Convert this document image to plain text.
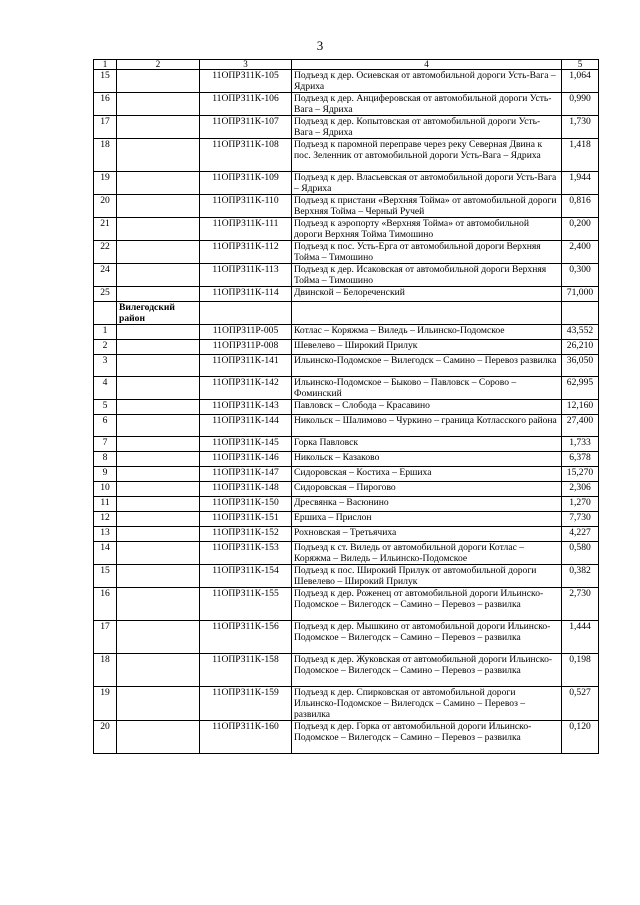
3
1	2	3	4	5
15		11ОПРЗ11К-105	Подъезд к дер. Осиевская от автомобильной дороги Усть-Вага – Ядриха	1,064
16		11ОПРЗ11К-106	Подъезд к дер. Анциферовская от автомобильной дороги Усть-Вага – Ядриха	0,990
17		11ОПРЗ11К-107	Подъезд к дер. Копытовская от автомобильной дороги Усть-Вага – Ядриха	1,730
18		11ОПРЗ11К-108	Подъезд к паромной переправе через реку Северная Двина к пос. Зеленник от автомобильной дороги Усть-Вага – Ядриха	1,418
19		11ОПРЗ11К-109	Подъезд к дер. Власьевская от автомобильной дороги Усть-Вага – Ядриха	1,944
20		11ОПРЗ11К-110	Подъезд к пристани «Верхняя Тойма» от автомобильной дороги Верхняя Тойма – Черный Ручей	0,816
21		11ОПРЗ11К-111	Подъезд к аэропорту «Верхняя Тойма» от автомобильной дороги Верхняя Тойма Тимошино	0,200
22		11ОПРЗ11К-112	Подъезд к пос. Усть-Ерга от автомобильной дороги Верхняя Тойма – Тимошино	2,400
24		11ОПРЗ11К-113	Подъезд к дер. Исаковская от автомобильной дороги Верхняя Тойма – Тимошино	0,300
25		11ОПРЗ11К-114	Двинской – Белореченский	71,000
	Вилегодский район			
1		11ОПРЗ11Р-005	Котлас – Коряжма – Виледь – Ильинско-Подомское	43,552
2		11ОПРЗ11Р-008	Шевелево – Широкий Прилук	26,210
3		11ОПРЗ11К-141	Ильинско-Подомское – Вилегодск – Самино – Перевоз развилка	36,050
4		11ОПРЗ11К-142	Ильинско-Подомское – Быково – Павловск – Сорово – Фоминский	62,995
5		11ОПРЗ11К-143	Павловск – Слобода – Красавино	12,160
6		11ОПРЗ11К-144	Никольск – Шалимово – Чуркино – граница Котласского района	27,400
7		11ОПРЗ11К-145	Горка Павловск	1,733
8		11ОПРЗ11К-146	Никольск – Казаково	6,378
9		11ОПРЗ11К-147	Сидоровская – Костиха – Ершиха	15,270
10		11ОПРЗ11К-148	Сидоровская – Пирогово	2,306
11		11ОПРЗ11К-150	Дресвянка – Васюнино	1,270
12		11ОПРЗ11К-151	Ершиха – Прислон	7,730
13		11ОПРЗ11К-152	Рохновская – Третьячиха	4,227
14		11ОПРЗ11К-153	Подъезд к ст. Виледь от автомобильной дороги Котлас – Коряжма – Виледь – Ильинско-Подомское	0,580
15		11ОПРЗ11К-154	Подъезд к пос. Широкий Прилук от автомобильной дороги Шевелево – Широкий Прилук	0,382
16		11ОПРЗ11К-155	Подъезд к дер. Роженец от автомобильной дороги Ильинско-Подомское – Вилегодск – Самино – Перевоз – развилка	2,730
17		11ОПРЗ11К-156	Подъезд к дер. Мышкино от автомобильной дороги Ильинско-Подомское – Вилегодск – Самино – Перевоз – развилка	1,444
18		11ОПРЗ11К-158	Подъезд к дер. Жуковская от автомобильной дороги Ильинско-Подомское – Вилегодск – Самино – Перевоз – развилка	0,198
19		11ОПРЗ11К-159	Подъезд к дер. Спирковская от автомобильной дороги Ильинско-Подомское – Вилегодск – Самино – Перевоз – развилка	0,527
20		11ОПРЗ11К-160	Подъезд к дер. Горка от автомобильной дороги Ильинско-Подомское – Вилегодск – Самино – Перевоз – развилка	0,120
